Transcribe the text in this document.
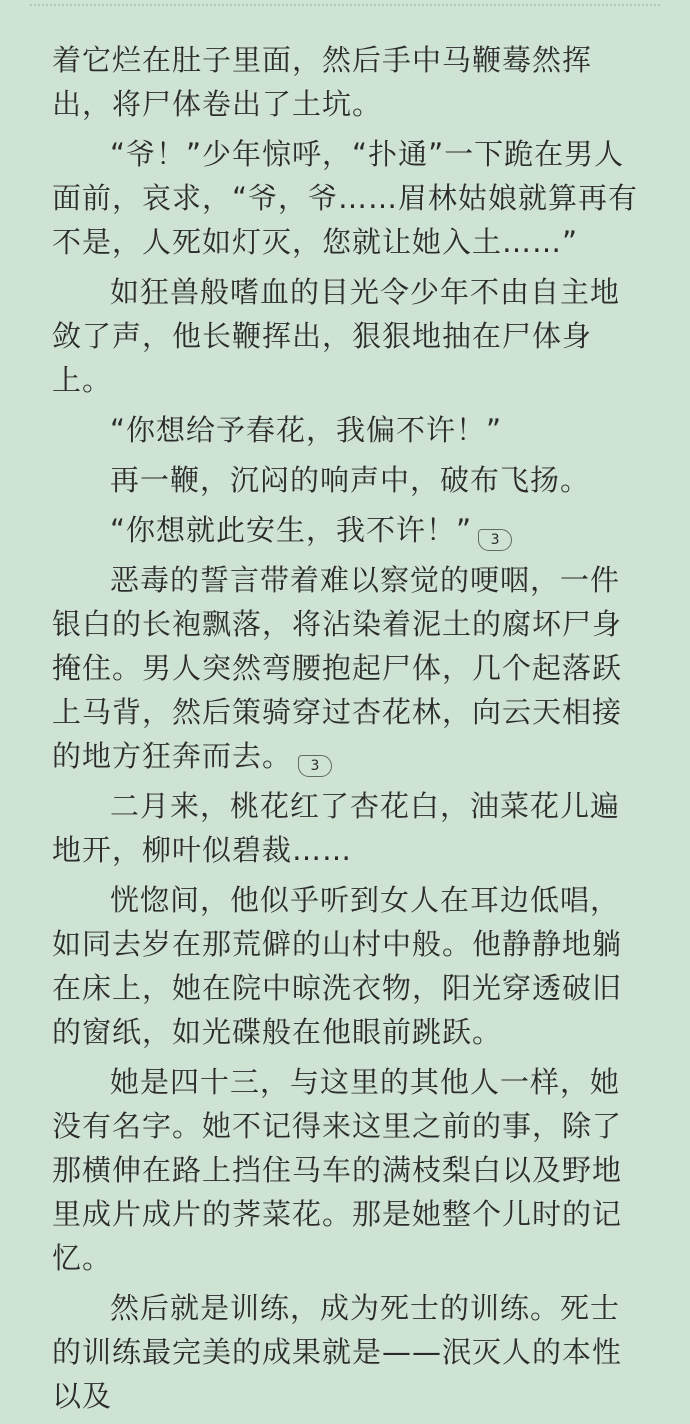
着它烂在肚子里面，然后手中马鞭蓦然挥出，将尸体卷出了土坑。

“爷！”少年惊呼，“扑通”一下跪在男人面前，哀求，“爷，爷……眉林姑娘就算再有不是，人死如灯灭，您就让她入土……”

如狂兽般嗜血的目光令少年不由自主地敛了声，他长鞭挥出，狠狠地抽在尸体身上。

“你想给予春花，我偏不许！”

再一鞭，沉闷的响声中，破布飞扬。

“你想就此安生，我不许！” 3

恶毒的誓言带着难以察觉的哽咽，一件银白的长袍飘落，将沾染着泥土的腐坏尸身掩住。男人突然弯腰抱起尸体，几个起落跃上马背，然后策骑穿过杏花林，向云天相接的地方狂奔而去。 3

二月来，桃花红了杏花白，油菜花儿遍地开，柳叶似碧裁……

恍惚间，他似乎听到女人在耳边低唱，如同去岁在那荒僻的山村中般。他静静地躺在床上，她在院中晾洗衣物，阳光穿透破旧的窗纸，如光碟般在他眼前跳跃。

她是四十三，与这里的其他人一样，她没有名字。她不记得来这里之前的事，除了那横伸在路上挡住马车的满枝梨白以及野地里成片成片的荠菜花。那是她整个儿时的记忆。

然后就是训练，成为死士的训练。死士的训练最完美的成果就是——泯灭人的本性以及
